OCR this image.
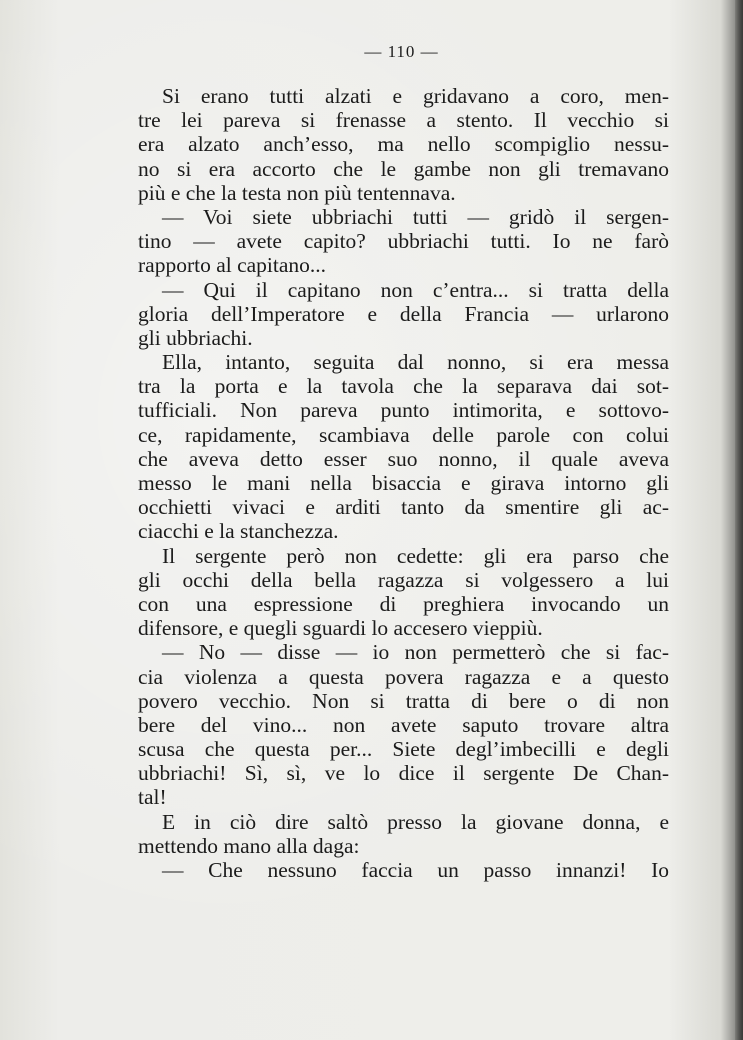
— 110 —
Si erano tutti alzati e gridavano a coro, men-
tre lei pareva si frenasse a stento. Il vecchio si
era alzato anch’esso, ma nello scompiglio nessu-
no si era accorto che le gambe non gli tremavano
più e che la testa non più tentennava.
— Voi siete ubbriachi tutti — gridò il sergen-
tino — avete capito? ubbriachi tutti. Io ne farò
rapporto al capitano...
— Qui il capitano non c’entra... si tratta della
gloria dell’Imperatore e della Francia — urlarono
gli ubbriachi.
Ella, intanto, seguita dal nonno, si era messa
tra la porta e la tavola che la separava dai sot-
tufficiali. Non pareva punto intimorita, e sottovo-
ce, rapidamente, scambiava delle parole con colui
che aveva detto esser suo nonno, il quale aveva
messo le mani nella bisaccia e girava intorno gli
occhietti vivaci e arditi tanto da smentire gli ac-
ciacchi e la stanchezza.
Il sergente però non cedette: gli era parso che
gli occhi della bella ragazza si volgessero a lui
con una espressione di preghiera invocando un
difensore, e quegli sguardi lo accesero vieppiù.
— No — disse — io non permetterò che si fac-
cia violenza a questa povera ragazza e a questo
povero vecchio. Non si tratta di bere o di non
bere del vino... non avete saputo trovare altra
scusa che questa per... Siete degl’imbecilli e degli
ubbriachi! Sì, sì, ve lo dice il sergente De Chan-
tal!
E in ciò dire saltò presso la giovane donna, e
mettendo mano alla daga:
— Che nessuno faccia un passo innanzi! Io
